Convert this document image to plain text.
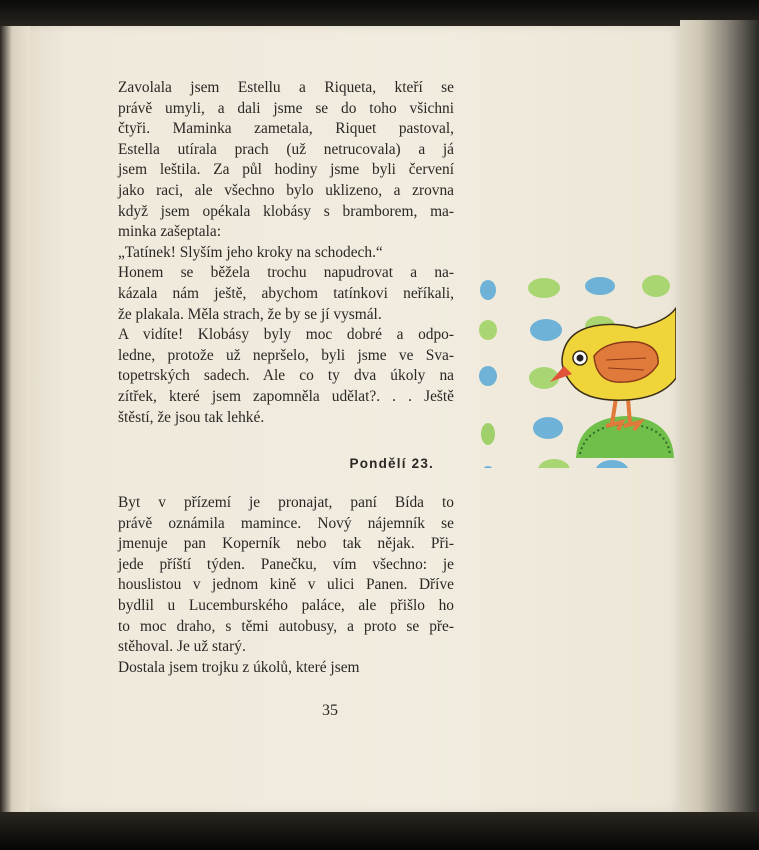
Zavolala jsem Estellu a Riqueta, kteří se
právě umyli, a dali jsme se do toho všichni
čtyři. Maminka zametala, Riquet pastoval,
Estella utírala prach (už netrucovala) a já
jsem leštila. Za půl hodiny jsme byli červení
jako raci, ale všechno bylo uklizeno, a zrovna
když jsem opékala klobásy s bramborem, ma-
minka zašeptala:

„Tatínek! Slyším jeho kroky na schodech.“

Honem se běžela trochu napudrovat a na-
kázala nám ještě, abychom tatínkovi neříkali,
že plakala. Měla strach, že by se jí vysmál.

A vidíte! Klobásy byly moc dobré a odpo-
ledne, protože už nepršelo, byli jsme ve Sva-
topetrských sadech. Ale co ty dva úkoly na
zítřek, které jsem zapomněla udělat?. . . Ještě
štěstí, že jsou tak lehké.

Pondělí 23.

Byt v přízemí je pronajat, paní Bída to
právě oznámila mamince. Nový nájemník se
jmenuje pan Koperník nebo tak nějak. Při-
jede příští týden. Panečku, vím všechno: je
houslistou v jednom kině v ulici Panen. Dříve
bydlil u Lucemburského paláce, ale přišlo ho
to moc draho, s těmi autobusy, a proto se pře-
stěhoval. Je už starý.

Dostala jsem trojku z úkolů, které jsem

35
